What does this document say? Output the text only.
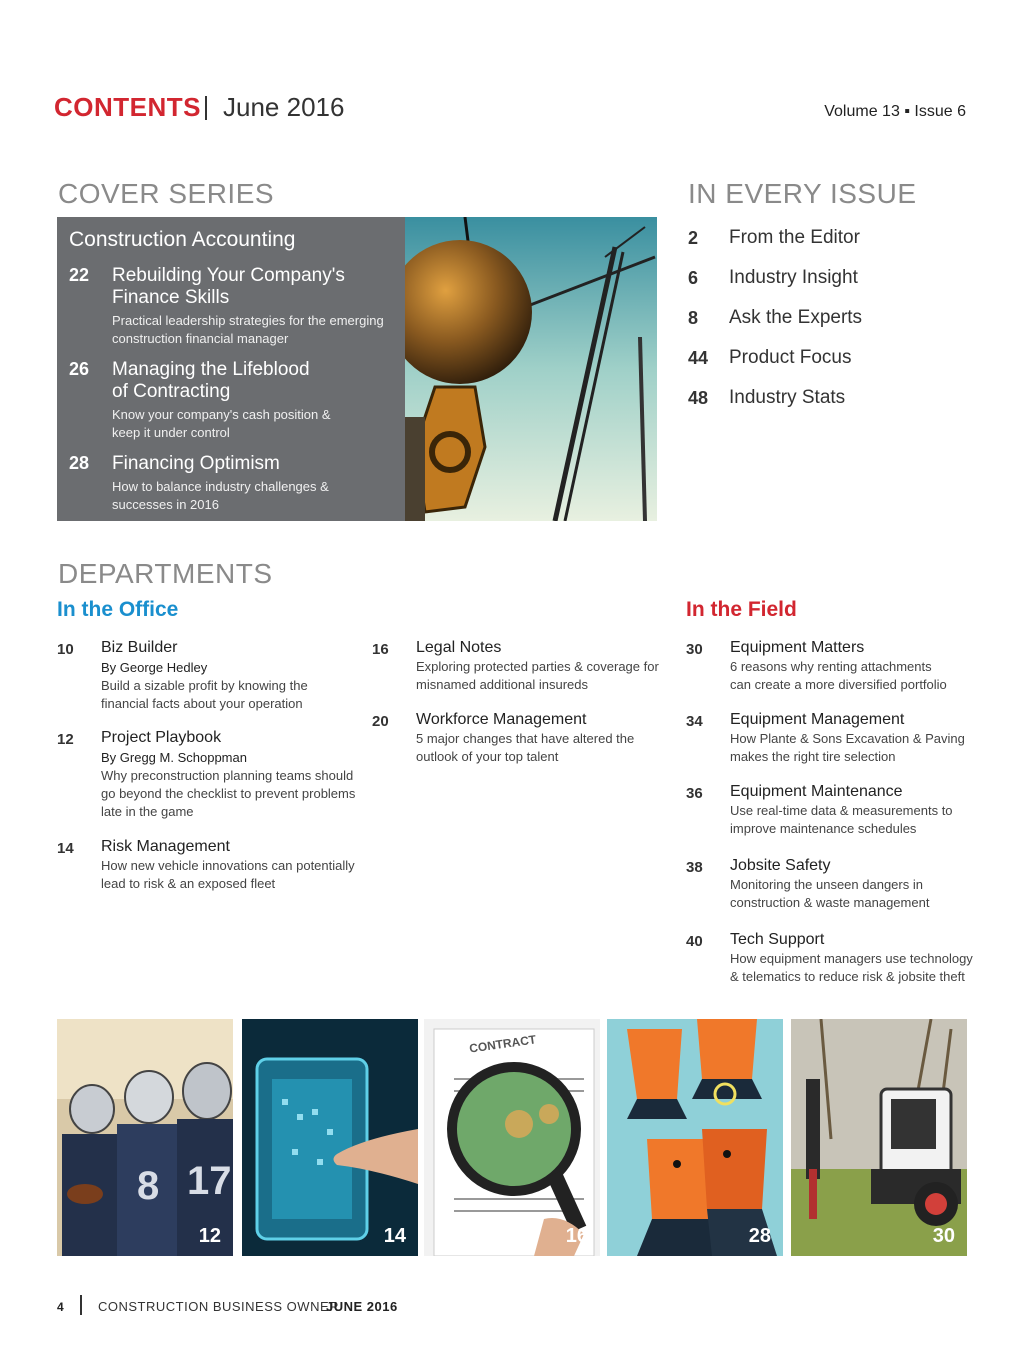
CONTENTS June 2016	Volume 13 ▪ Issue 6
COVER SERIES
Construction Accounting
22 Rebuilding Your Company's
Finance Skills
Practical leadership strategies for the emerging
construction financial manager
26 Managing the Lifeblood
of Contracting
Know your company's cash position &
keep it under control
28 Financing Optimism
How to balance industry challenges &
successes in 2016
IN EVERY ISSUE
2 From the Editor
6 Industry Insight
8 Ask the Experts
44 Product Focus
48 Industry Stats
DEPARTMENTS
In the Office	In the Field
10 Biz Builder
By George Hedley
Build a sizable profit by knowing the
financial facts about your operation
12 Project Playbook
By Gregg M. Schoppman
Why preconstruction planning teams should
go beyond the checklist to prevent problems
late in the game
14 Risk Management
How new vehicle innovations can potentially
lead to risk & an exposed fleet
16 Legal Notes
Exploring protected parties & coverage for
misnamed additional insureds
20 Workforce Management
5 major changes that have altered the
outlook of your top talent
30 Equipment Matters
6 reasons why renting attachments
can create a more diversified portfolio
34 Equipment Management
How Plante & Sons Excavation & Paving
makes the right tire selection
36 Equipment Maintenance
Use real-time data & measurements to
improve maintenance schedules
38 Jobsite Safety
Monitoring the unseen dangers in
construction & waste management
40 Tech Support
How equipment managers use technology
& telematics to reduce risk & jobsite theft
8 17
12	14
CONTRACT
16	28	30
4	CONSTRUCTION BUSINESS OWNER
JUNE 2016
